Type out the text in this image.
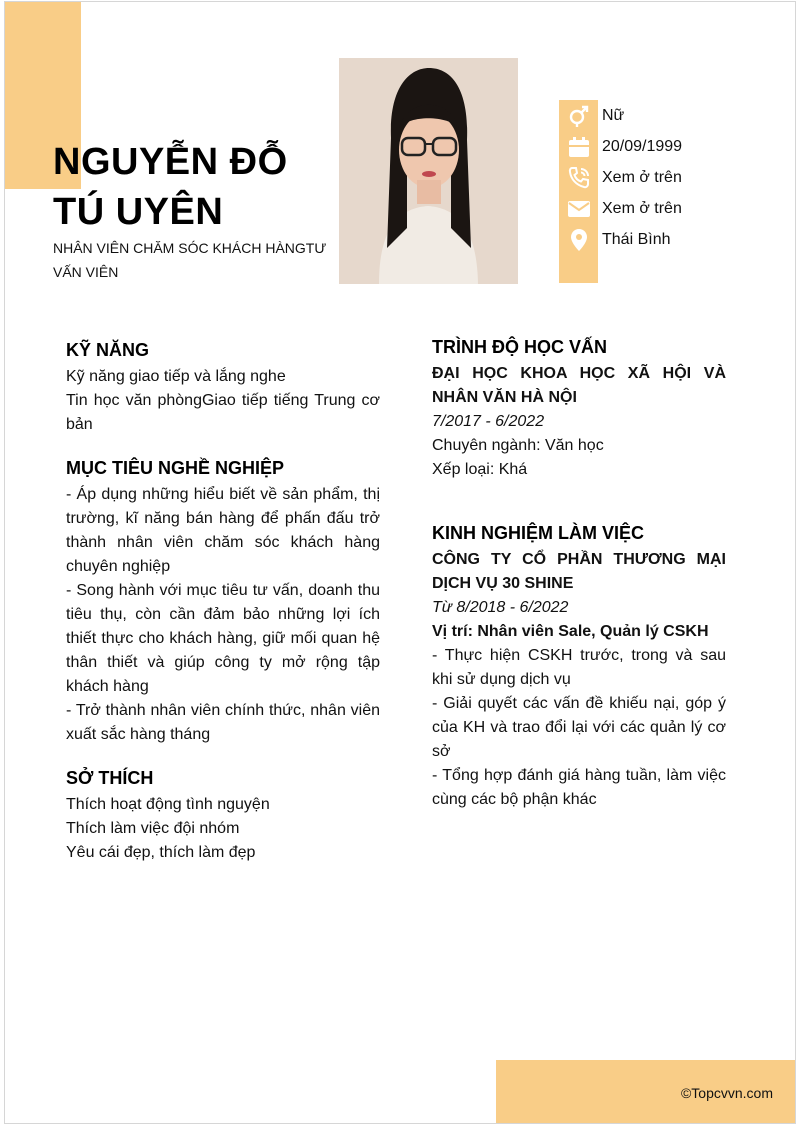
©Topcvvn.com
NGUYỄN ĐỖ TÚ UYÊN
NHÂN VIÊN CHĂM SÓC KHÁCH HÀNGTƯ VẤN VIÊN
Nữ
20/09/1999
Xem ở trên
Xem ở trên
Thái Bình
KỸ NĂNG
Kỹ năng giao tiếp và lắng nghe
Tin học văn phòngGiao tiếp tiếng Trung cơ bản
MỤC TIÊU NGHỀ NGHIỆP
- Áp dụng những hiểu biết về sản phẩm, thị trường, kĩ năng bán hàng để phấn đấu trở thành nhân viên chăm sóc khách hàng chuyên nghiệp
- Song hành với mục tiêu tư vấn, doanh thu tiêu thụ, còn cần đảm bảo những lợi ích thiết thực cho khách hàng, giữ mối quan hệ thân thiết và giúp công ty mở rộng tập khách hàng
- Trở thành nhân viên chính thức, nhân viên xuất sắc hàng tháng
SỞ THÍCH
Thích hoạt động tình nguyện
Thích làm việc đội nhóm
Yêu cái đẹp, thích làm đẹp
TRÌNH ĐỘ HỌC VẤN
ĐẠI HỌC KHOA HỌC XÃ HỘI VÀ NHÂN VĂN HÀ NỘI
7/2017 - 6/2022
Chuyên ngành: Văn học
Xếp loại: Khá
KINH NGHIỆM LÀM VIỆC
CÔNG TY CỔ PHẦN THƯƠNG MẠI DỊCH VỤ 30 SHINE
Từ 8/2018 - 6/2022
Vị trí: Nhân viên Sale, Quản lý CSKH
- Thực hiện CSKH trước, trong và sau khi sử dụng dịch vụ
- Giải quyết các vấn đề khiếu nại, góp ý của KH và trao đổi lại với các quản lý cơ sở
- Tổng hợp đánh giá hàng tuần, làm việc cùng các bộ phận khác
